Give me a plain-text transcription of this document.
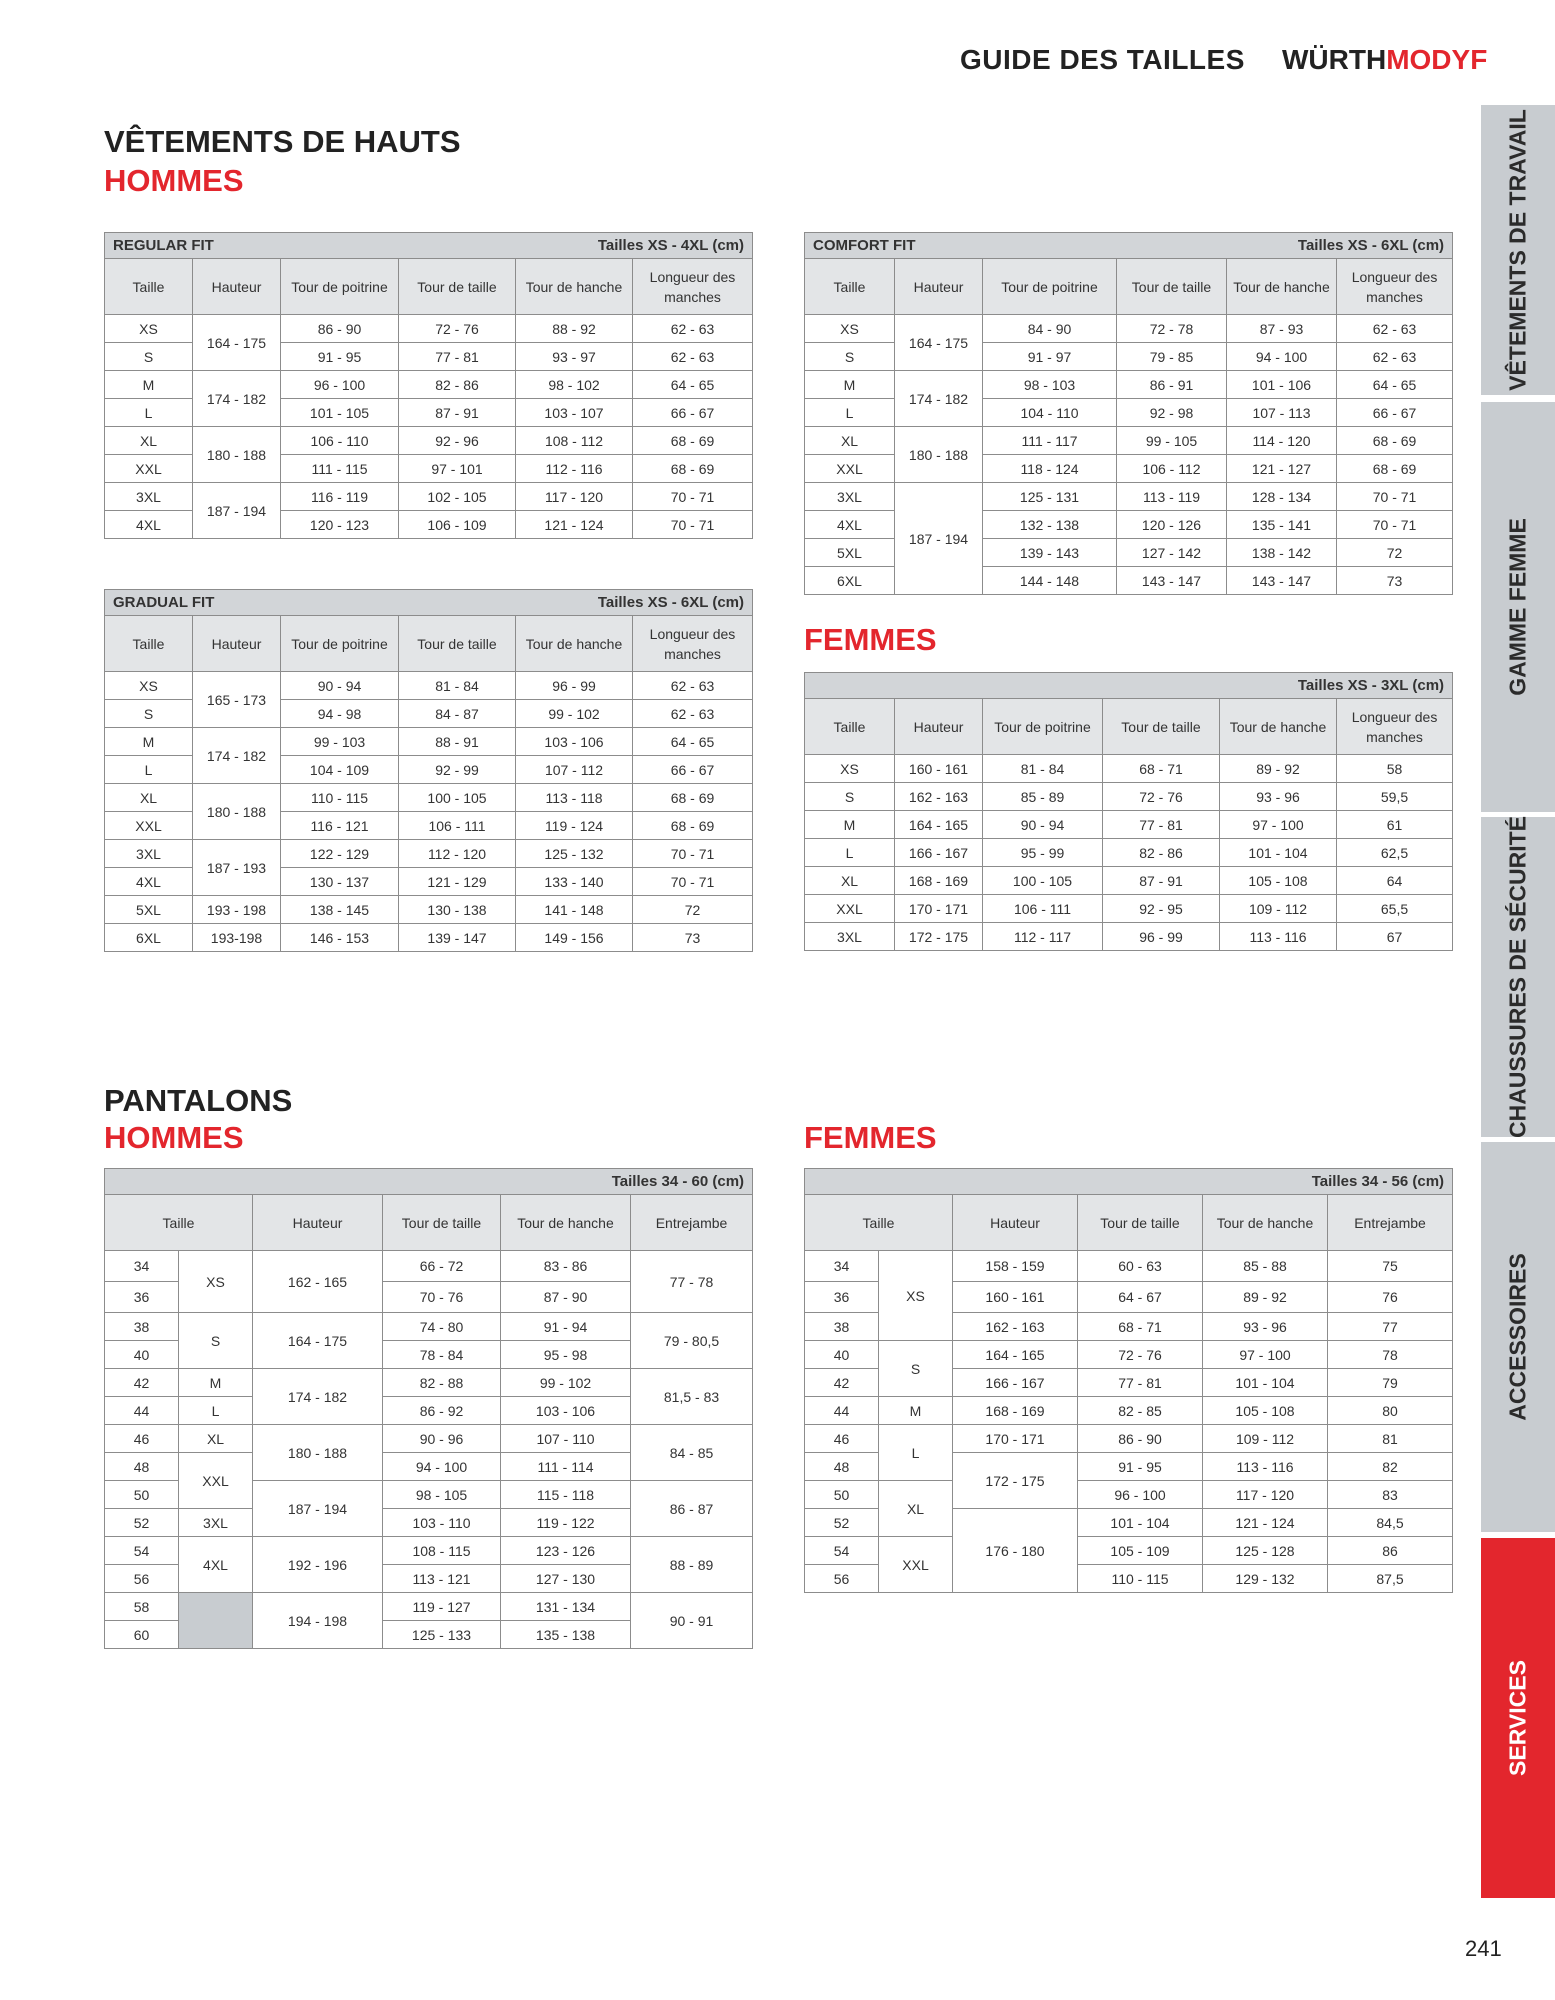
GUIDE DES TAILLES	WÜRTHMODYF
VÊTEMENTS DE HAUTS
HOMMES
FEMMES
PANTALONS
HOMMES	FEMMES
VÊTEMENTS DE TRAVAIL
GAMME FEMME
CHAUSSURES DE SÉCURITÉ
ACCESSOIRES
SERVICES
241
REGULAR FIT Tailles XS - 4XL (cm)					

Taille	Hauteur	Tour de poitrine	Tour de taille	Tour de hanche	Longueur des manches
XS	164 - 175	86 - 90	72 - 76	88 - 92	62 - 63
S		91 - 95	77 - 81	93 - 97	62 - 63
M	174 - 182	96 - 100	82 - 86	98 - 102	64 - 65
L		101 - 105	87 - 91	103 - 107	66 - 67
XL	180 - 188	106 - 110	92 - 96	108 - 112	68 - 69
XXL		111 - 115	97 - 101	112 - 116	68 - 69
3XL	187 - 194	116 - 119	102 - 105	117 - 120	70 - 71
4XL		120 - 123	106 - 109	121 - 124	70 - 71
COMFORT FIT Tailles XS - 6XL (cm)					

Taille	Hauteur	Tour de poitrine	Tour de taille	Tour de hanche	Longueur des manches
XS	164 - 175	84 - 90	72 - 78	87 - 93	62 - 63
S		91 - 97	79 - 85	94 - 100	62 - 63
M	174 - 182	98 - 103	86 - 91	101 - 106	64 - 65
L		104 - 110	92 - 98	107 - 113	66 - 67
XL	180 - 188	111 - 117	99 - 105	114 - 120	68 - 69
XXL		118 - 124	106 - 112	121 - 127	68 - 69
3XL	187 - 194	125 - 131	113 - 119	128 - 134	70 - 71
4XL		132 - 138	120 - 126	135 - 141	70 - 71
5XL		139 - 143	127 - 142	138 - 142	72
6XL		144 - 148	143 - 147	143 - 147	73
GRADUAL FIT Tailles XS - 6XL (cm)					

Taille	Hauteur	Tour de poitrine	Tour de taille	Tour de hanche	Longueur des manches
XS	165 - 173	90 - 94	81 - 84	96 - 99	62 - 63
S		94 - 98	84 - 87	99 - 102	62 - 63
M	174 - 182	99 - 103	88 - 91	103 - 106	64 - 65
L		104 - 109	92 - 99	107 - 112	66 - 67
XL	180 - 188	110 - 115	100 - 105	113 - 118	68 - 69
XXL		116 - 121	106 - 111	119 - 124	68 - 69
3XL	187 - 193	122 - 129	112 - 120	125 - 132	70 - 71
4XL		130 - 137	121 - 129	133 - 140	70 - 71
5XL	193 - 198	138 - 145	130 - 138	141 - 148	72
6XL	193-198	146 - 153	139 - 147	149 - 156	73
Tailles XS - 3XL (cm)					

Taille	Hauteur	Tour de poitrine	Tour de taille	Tour de hanche	Longueur des manches
XS	160 - 161	81 - 84	68 - 71	89 - 92	58
S	162 - 163	85 - 89	72 - 76	93 - 96	59,5
M	164 - 165	90 - 94	77 - 81	97 - 100	61
L	166 - 167	95 - 99	82 - 86	101 - 104	62,5
XL	168 - 169	100 - 105	87 - 91	105 - 108	64
XXL	170 - 171	106 - 111	92 - 95	109 - 112	65,5
3XL	172 - 175	112 - 117	96 - 99	113 - 116	67
Tailles 34 - 60 (cm)					

Taille		Hauteur	Tour de taille	Tour de hanche	Entrejambe
34	XS	162 - 165	66 - 72	83 - 86	77 - 78
36			70 - 76	87 - 90	
38	S	164 - 175	74 - 80	91 - 94	79 - 80,5
40			78 - 84	95 - 98	
42	M	174 - 182	82 - 88	99 - 102	81,5 - 83
44	L		86 - 92	103 - 106	
46	XL	180 - 188	90 - 96	107 - 110	84 - 85
48	XXL		94 - 100	111 - 114	
50		187 - 194	98 - 105	115 - 118	86 - 87
52	3XL		103 - 110	119 - 122	
54	4XL	192 - 196	108 - 115	123 - 126	88 - 89
56			113 - 121	127 - 130	
58		194 - 198	119 - 127	131 - 134	90 - 91
60			125 - 133	135 - 138	
Tailles 34 - 56 (cm)					

Taille		Hauteur	Tour de taille	Tour de hanche	Entrejambe
34	XS	158 - 159	60 - 63	85 - 88	75
36		160 - 161	64 - 67	89 - 92	76
38		162 - 163	68 - 71	93 - 96	77
40	S	164 - 165	72 - 76	97 - 100	78
42		166 - 167	77 - 81	101 - 104	79
44	M	168 - 169	82 - 85	105 - 108	80
46	L	170 - 171	86 - 90	109 - 112	81
48		172 - 175	91 - 95	113 - 116	82
50	XL		96 - 100	117 - 120	83
52		176 - 180	101 - 104	121 - 124	84,5
54	XXL		105 - 109	125 - 128	86
56			110 - 115	129 - 132	87,5
